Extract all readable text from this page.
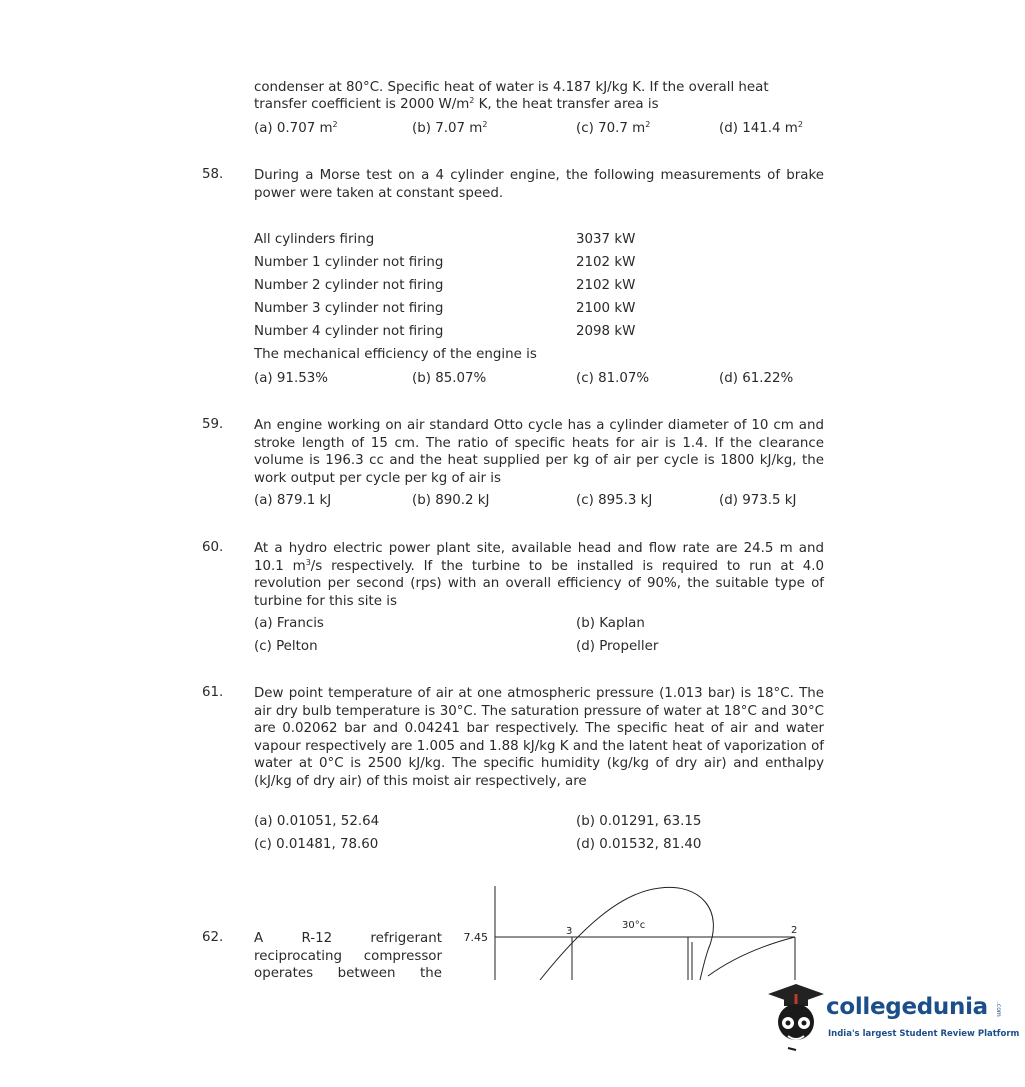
condenser at 80°C. Specific heat of water is 4.187 kJ/kg K. If the overall heat
transfer coefficient is 2000 $W/m^2$ K, the heat transfer area is
(a) 0.707 $m^2$	(b) 7.07 $m^2$	(c) 70.7 $m^2$	(d) 141.4 $m^2$
58. During a Morse test on a 4 cylinder engine, the following measurements of brake power were taken at constant speed.
All cylinders firing	3037 kW
Number 1 cylinder not firing	2102 kW
Number 2 cylinder not firing	2102 kW
Number 3 cylinder not firing	2100 kW
Number 4 cylinder not firing	2098 kW
The mechanical efficiency of the engine is
(a) 91.53%	(b) 85.07%	(c) 81.07%	(d) 61.22%
59. An engine working on air standard Otto cycle has a cylinder diameter of 10 cm and stroke length of 15 cm. The ratio of specific heats for air is 1.4. If the clearance volume is 196.3 cc and the heat supplied per kg of air per cycle is 1800 kJ/kg, the work output per cycle per kg of air is
(a) 879.1 kJ	(b) 890.2 kJ	(c) 895.3 kJ	(d) 973.5 kJ
60. At a hydro electric power plant site, available head and flow rate are 24.5 m and 10.1 $m^3/s$ respectively. If the turbine to be installed is required to run at 4.0 revolution per second (rps) with an overall efficiency of 90%, the suitable type of turbine for this site is
(a) Francis	(b) Kaplan
(c) Pelton	(d) Propeller
61. Dew point temperature of air at one atmospheric pressure (1.013 bar) is 18°C. The air dry bulb temperature is 30°C. The saturation pressure of water at 18°C and 30°C are 0.02062 bar and 0.04241 bar respectively. The specific heat of air and water vapour respectively are 1.005 and 1.88 kJ/kg K and the latent heat of vaporization of water at 0°C is 2500 kJ/kg. The specific humidity (kg/kg of dry air) and enthalpy (kJ/kg of dry air) of this moist air respectively, are
(a) 0.01051, 52.64	(b) 0.01291, 63.15
(c) 0.01481, 78.60	(d) 0.01532, 81.40
62. A R-12 refrigerant reciprocating compressor operates between the
7.45	3
30°c	2
collegedunia .com
India's largest Student Review Platform
